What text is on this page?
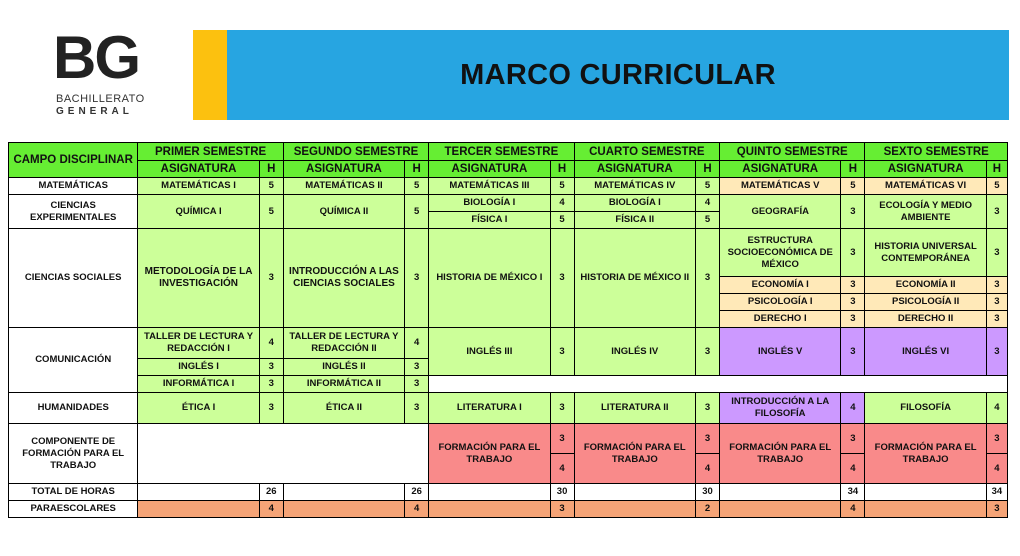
BG
BACHILLERATO
GENERAL
MARCO CURRICULAR
CAMPO DISCIPLINAR	PRIMER SEMESTRE		SEGUNDO SEMESTRE		TERCER SEMESTRE		CUARTO SEMESTRE		QUINTO SEMESTRE		SEXTO SEMESTRE	
	ASIGNATURA	H	ASIGNATURA	H	ASIGNATURA	H	ASIGNATURA	H	ASIGNATURA	H	ASIGNATURA	H
MATEMÁTICAS	MATEMÁTICAS I	5	MATEMÁTICAS II	5	MATEMÁTICAS III	5	MATEMÁTICAS IV	5	MATEMÁTICAS V	5	MATEMÁTICAS VI	5
CIENCIAS EXPERIMENTALES	QUÍMICA I	5	QUÍMICA II	5	BIOLOGÍA I	4	BIOLOGÍA I	4	GEOGRAFÍA	3	ECOLOGÍA Y MEDIO AMBIENTE	3
					FÍSICA I	5	FÍSICA II	5				
CIENCIAS SOCIALES	METODOLOGÍA DE LA INVESTIGACIÓN	3	INTRODUCCIÓN A LAS CIENCIAS SOCIALES	3	HISTORIA DE MÉXICO I	3	HISTORIA DE MÉXICO II	3	ESTRUCTURA SOCIOECONÓMICA DE MÉXICO	3	HISTORIA UNIVERSAL CONTEMPORÁNEA	3
									ECONOMÍA I	3	ECONOMÍA II	3
									PSICOLOGÍA I	3	PSICOLOGÍA II	3
									DERECHO I	3	DERECHO II	3
COMUNICACIÓN	TALLER DE LECTURA Y REDACCIÓN I	4	TALLER DE LECTURA Y REDACCIÓN II	4	INGLÉS III	3	INGLÉS IV	3	INGLÉS V	3	INGLÉS VI	3
	INGLÉS I	3	INGLÉS II	3								
	INFORMÁTICA I	3	INFORMÁTICA II	3								
HUMANIDADES	ÉTICA I	3	ÉTICA II	3	LITERATURA I	3	LITERATURA II	3	INTRODUCCIÓN A LA FILOSOFÍA	4	FILOSOFÍA	4
COMPONENTE DE FORMACIÓN PARA EL TRABAJO					FORMACIÓN PARA EL TRABAJO	3	FORMACIÓN PARA EL TRABAJO	3	FORMACIÓN PARA EL TRABAJO	3	FORMACIÓN PARA EL TRABAJO	3
						4		4		4		4
TOTAL DE HORAS		26		26		30		30		34		34
PARAESCOLARES		4		4		3		2		4		3
